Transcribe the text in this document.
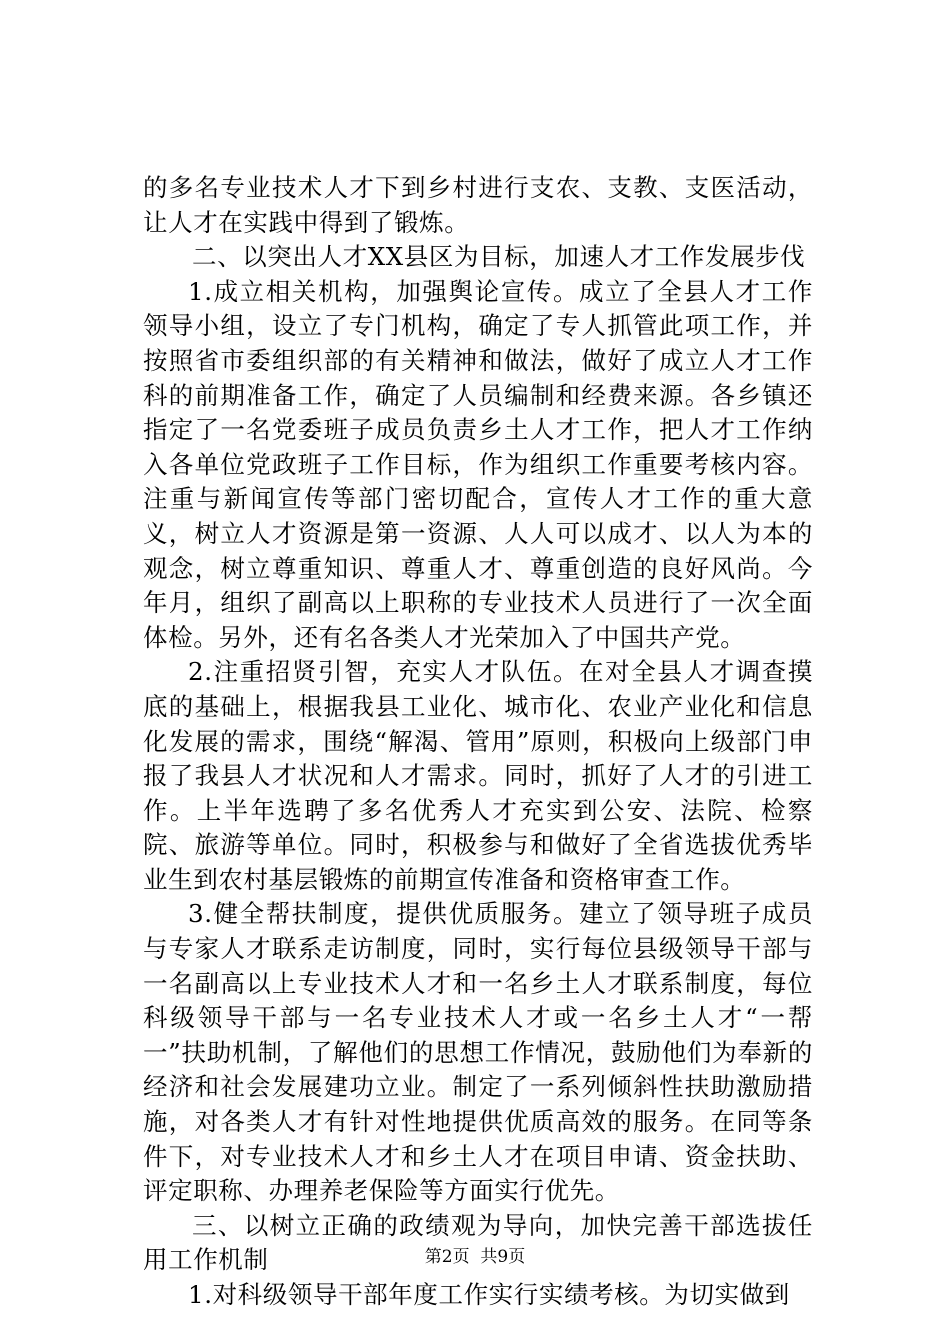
的多名专业技术人才下到乡村进行支农、支教、支医活动，让人才在实践中得到了锻炼。

二、以突出人才XX县区为目标，加速人才工作发展步伐

1.成立相关机构，加强舆论宣传。成立了全县人才工作领导小组，设立了专门机构，确定了专人抓管此项工作，并按照省市委组织部的有关精神和做法，做好了成立人才工作科的前期准备工作，确定了人员编制和经费来源。各乡镇还指定了一名党委班子成员负责乡土人才工作，把人才工作纳入各单位党政班子工作目标，作为组织工作重要考核内容。注重与新闻宣传等部门密切配合，宣传人才工作的重大意义，树立人才资源是第一资源、人人可以成才、以人为本的观念，树立尊重知识、尊重人才、尊重创造的良好风尚。今年月，组织了副高以上职称的专业技术人员进行了一次全面体检。另外，还有名各类人才光荣加入了中国共产党。

2.注重招贤引智，充实人才队伍。在对全县人才调查摸底的基础上，根据我县工业化、城市化、农业产业化和信息化发展的需求，围绕“解渴、管用”原则，积极向上级部门申报了我县人才状况和人才需求。同时，抓好了人才的引进工作。上半年选聘了多名优秀人才充实到公安、法院、检察院、旅游等单位。同时，积极参与和做好了全省选拔优秀毕业生到农村基层锻炼的前期宣传准备和资格审查工作。

3.健全帮扶制度，提供优质服务。建立了领导班子成员与专家人才联系走访制度，同时，实行每位县级领导干部与一名副高以上专业技术人才和一名乡土人才联系制度，每位科级领导干部与一名专业技术人才或一名乡土人才“一帮一”扶助机制，了解他们的思想工作情况，鼓励他们为奉新的经济和社会发展建功立业。制定了一系列倾斜性扶助激励措施，对各类人才有针对性地提供优质高效的服务。在同等条件下，对专业技术人才和乡土人才在项目申请、资金扶助、评定职称、办理养老保险等方面实行优先。

三、以树立正确的政绩观为导向，加快完善干部选拔任用工作机制

1.对科级领导干部年度工作实行实绩考核。为切实做到

第2页 共9页
